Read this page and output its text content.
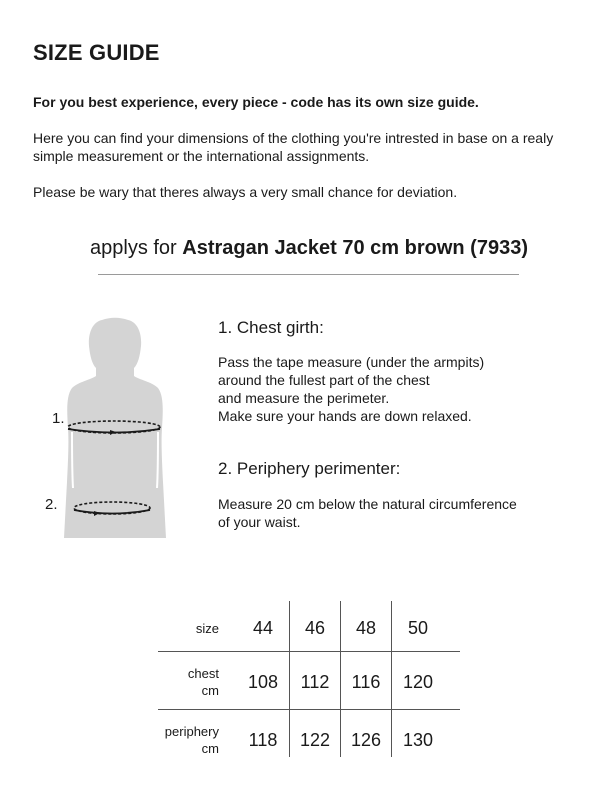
SIZE GUIDE
For you best experience, every piece - code has its own size guide.
Here you can find your dimensions of the clothing you're intrested in base on a realy simple measurement or the international assignments.
Please be wary that theres always a very small chance for deviation.
applys for Astragan Jacket 70 cm brown (7933)
1.
2.
1. Chest girth:
Pass the tape measure (under the armpits)
around the fullest part of the chest
and measure the perimeter.
Make sure your hands are down relaxed.
2. Periphery perimenter:
Measure 20 cm below the natural circumference
of your waist.
size	44	46	48	50
chest
cm	108	112	116	120
periphery
cm	118	122	126	130
